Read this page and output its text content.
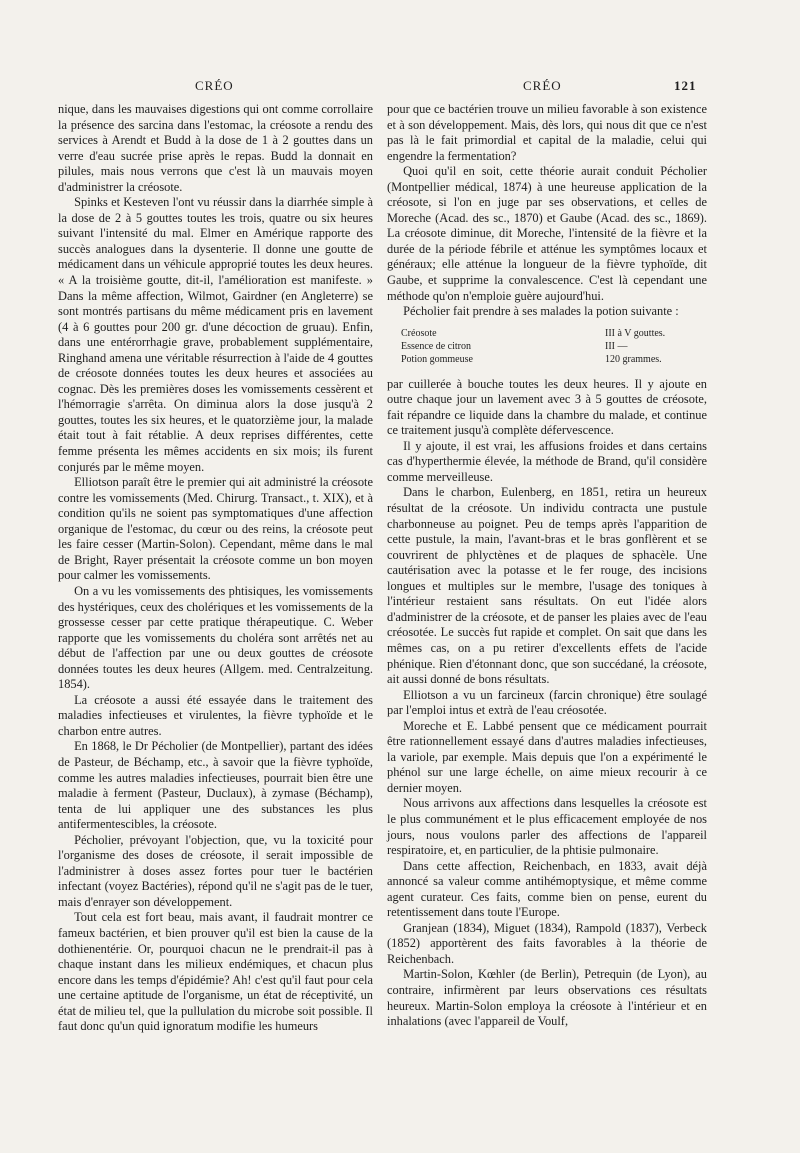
CRÉO	CRÉO	121

nique, dans les mauvaises digestions qui ont comme corrollaire la présence des sarcina dans l'estomac, la créosote a rendu des services à Arendt et Budd à la dose de 1 à 2 gouttes dans un verre d'eau sucrée prise après le repas. Budd la donnait en pilules, mais nous verrons que c'est là un mauvais moyen d'administrer la créosote.

Spinks et Kesteven l'ont vu réussir dans la diarrhée simple à la dose de 2 à 5 gouttes toutes les trois, quatre ou six heures suivant l'intensité du mal. Elmer en Amérique rapporte des succès analogues dans la dysenterie. Il donne une goutte de médicament dans un véhicule approprié toutes les deux heures. « A la troisième goutte, dit-il, l'amélioration est manifeste. » Dans la même affection, Wilmot, Gairdner (en Angleterre) se sont montrés partisans du même médicament pris en lavement (4 à 6 gouttes pour 200 gr. d'une décoction de gruau). Enfin, dans une entérorrhagie grave, probablement supplémentaire, Ringhand amena une véritable résurrection à l'aide de 4 gouttes de créosote données toutes les deux heures et associées au cognac. Dès les premières doses les vomissements cessèrent et l'hémorragie s'arrêta. On diminua alors la dose jusqu'à 2 gouttes, toutes les six heures, et le quatorzième jour, la malade était tout à fait rétablie. A deux reprises différentes, cette femme présenta les mêmes accidents en six mois; ils furent conjurés par le même moyen.

Elliotson paraît être le premier qui ait administré la créosote contre les vomissements (Med. Chirurg. Transact., t. XIX), et à condition qu'ils ne soient pas symptomatiques d'une affection organique de l'estomac, du cœur ou des reins, la créosote peut les faire cesser (Martin-Solon). Cependant, même dans le mal de Bright, Rayer présentait la créosote comme un bon moyen pour calmer les vomissements.

On a vu les vomissements des phtisiques, les vomissements des hystériques, ceux des cholériques et les vomissements de la grossesse cesser par cette pratique thérapeutique. C. Weber rapporte que les vomissements du choléra sont arrêtés net au début de l'affection par une ou deux gouttes de créosote données toutes les deux heures (Allgem. med. Centralzeitung. 1854).

La créosote a aussi été essayée dans le traitement des maladies infectieuses et virulentes, la fièvre typhoïde et le charbon entre autres.

En 1868, le Dr Pécholier (de Montpellier), partant des idées de Pasteur, de Béchamp, etc., à savoir que la fièvre typhoïde, comme les autres maladies infectieuses, pourrait bien être une maladie à ferment (Pasteur, Duclaux), à zymase (Béchamp), tenta de lui appliquer une des substances les plus antifermentescibles, la créosote.

Pécholier, prévoyant l'objection, que, vu la toxicité pour l'organisme des doses de créosote, il serait impossible de l'administrer à doses assez fortes pour tuer le bactérien infectant (voyez Bactéries), répond qu'il ne s'agit pas de le tuer, mais d'enrayer son développement.

Tout cela est fort beau, mais avant, il faudrait montrer ce fameux bactérien, et bien prouver qu'il est bien la cause de la dothienentérie. Or, pourquoi chacun ne le prendrait-il pas à chaque instant dans les milieux endémiques, et chacun plus encore dans les temps d'épidémie? Ah! c'est qu'il faut pour cela une certaine aptitude de l'organisme, un état de réceptivité, un état de milieu tel, que la pullulation du microbe soit possible. Il faut donc qu'un quid ignoratum modifie les humeurs

pour que ce bactérien trouve un milieu favorable à son existence et à son développement. Mais, dès lors, qui nous dit que ce n'est pas là le fait primordial et capital de la maladie, celui qui engendre la fermentation?

Quoi qu'il en soit, cette théorie aurait conduit Pécholier (Montpellier médical, 1874) à une heureuse application de la créosote, si l'on en juge par ses observations, et celles de Moreche (Acad. des sc., 1870) et Gaube (Acad. des sc., 1869). La créosote diminue, dit Moreche, l'intensité de la fièvre et la durée de la période fébrile et atténue les symptômes locaux et généraux; elle atténue la longueur de la fièvre typhoïde, dit Gaube, et supprime la convalescence. C'est là cependant une méthode qu'on n'emploie guère aujourd'hui.

Pécholier fait prendre à ses malades la potion suivante :

Créosote	III à V gouttes.
Essence de citron	III —
Potion gommeuse	120 grammes.

par cuillerée à bouche toutes les deux heures. Il y ajoute en outre chaque jour un lavement avec 3 à 5 gouttes de créosote, fait répandre ce liquide dans la chambre du malade, et continue ce traitement jusqu'à complète défervescence.

Il y ajoute, il est vrai, les affusions froides et dans certains cas d'hyperthermie élevée, la méthode de Brand, qu'il considère comme merveilleuse.

Dans le charbon, Eulenberg, en 1851, retira un heureux résultat de la créosote. Un individu contracta une pustule charbonneuse au poignet. Peu de temps après l'apparition de cette pustule, la main, l'avant-bras et le bras gonflèrent et se couvrirent de phlyctènes et de plaques de sphacèle. Une cautérisation avec la potasse et le fer rouge, des incisions longues et multiples sur le membre, l'usage des toniques à l'intérieur restaient sans résultats. On eut l'idée alors d'administrer de la créosote, et de panser les plaies avec de l'eau créosotée. Le succès fut rapide et complet. On sait que dans les mêmes cas, on a pu retirer d'excellents effets de l'acide phénique. Rien d'étonnant donc, que son succédané, la créosote, ait aussi donné de bons résultats.

Elliotson a vu un farcineux (farcin chronique) être soulagé par l'emploi intus et extrà de l'eau créosotée.

Moreche et E. Labbé pensent que ce médicament pourrait être rationnellement essayé dans d'autres maladies infectieuses, la variole, par exemple. Mais depuis que l'on a expérimenté le phénol sur une large échelle, on aime mieux recourir à ce dernier moyen.

Nous arrivons aux affections dans lesquelles la créosote est le plus communément et le plus efficacement employée de nos jours, nous voulons parler des affections de l'appareil respiratoire, et, en particulier, de la phtisie pulmonaire.

Dans cette affection, Reichenbach, en 1833, avait déjà annoncé sa valeur comme antihémoptysique, et même comme agent curateur. Ces faits, comme bien on pense, eurent du retentissement dans toute l'Europe.

Granjean (1834), Miguet (1834), Rampold (1837), Verbeck (1852) apportèrent des faits favorables à la théorie de Reichenbach.

Martin-Solon, Kœhler (de Berlin), Petrequin (de Lyon), au contraire, infirmèrent par leurs observations ces résultats heureux. Martin-Solon employa la créosote à l'intérieur et en inhalations (avec l'appareil de Voulf,
